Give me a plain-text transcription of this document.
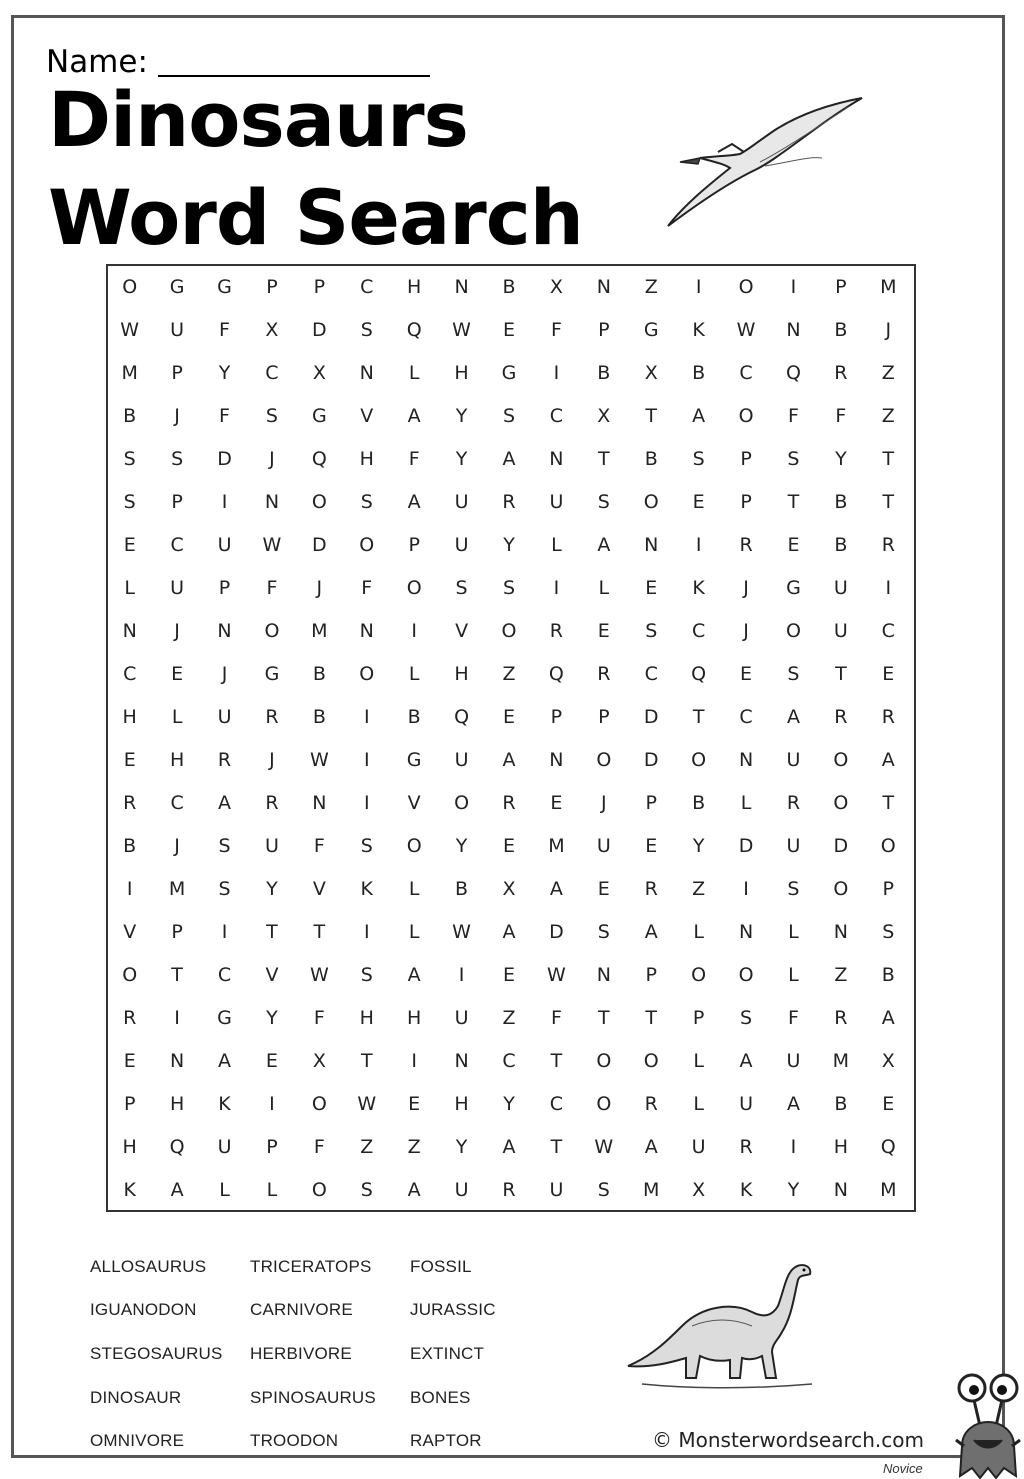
Name:
Dinosaurs
Word Search
O	G	G	P	P	C	H	N	B	X	N	Z	I	O	I	P	M
W	U	F	X	D	S	Q	W	E	F	P	G	K	W	N	B	J
M	P	Y	C	X	N	L	H	G	I	B	X	B	C	Q	R	Z
B	J	F	S	G	V	A	Y	S	C	X	T	A	O	F	F	Z
S	S	D	J	Q	H	F	Y	A	N	T	B	S	P	S	Y	T
S	P	I	N	O	S	A	U	R	U	S	O	E	P	T	B	T
E	C	U	W	D	O	P	U	Y	L	A	N	I	R	E	B	R
L	U	P	F	J	F	O	S	S	I	L	E	K	J	G	U	I
N	J	N	O	M	N	I	V	O	R	E	S	C	J	O	U	C
C	E	J	G	B	O	L	H	Z	Q	R	C	Q	E	S	T	E
H	L	U	R	B	I	B	Q	E	P	P	D	T	C	A	R	R
E	H	R	J	W	I	G	U	A	N	O	D	O	N	U	O	A
R	C	A	R	N	I	V	O	R	E	J	P	B	L	R	O	T
B	J	S	U	F	S	O	Y	E	M	U	E	Y	D	U	D	O
I	M	S	Y	V	K	L	B	X	A	E	R	Z	I	S	O	P
V	P	I	T	T	I	L	W	A	D	S	A	L	N	L	N	S
O	T	C	V	W	S	A	I	E	W	N	P	O	O	L	Z	B
R	I	G	Y	F	H	H	U	Z	F	T	T	P	S	F	R	A
E	N	A	E	X	T	I	N	C	T	O	O	L	A	U	M	X
P	H	K	I	O	W	E	H	Y	C	O	R	L	U	A	B	E
H	Q	U	P	F	Z	Z	Y	A	T	W	A	U	R	I	H	Q
K	A	L	L	O	S	A	U	R	U	S	M	X	K	Y	N	M
ALLOSAURUS	TRICERATOPS	FOSSIL
IGUANODON	CARNIVORE	JURASSIC
STEGOSAURUS	HERBIVORE	EXTINCT
DINOSAUR	SPINOSAURUS	BONES
OMNIVORE	TROODON	RAPTOR	© Monsterwordsearch.com
Novice
